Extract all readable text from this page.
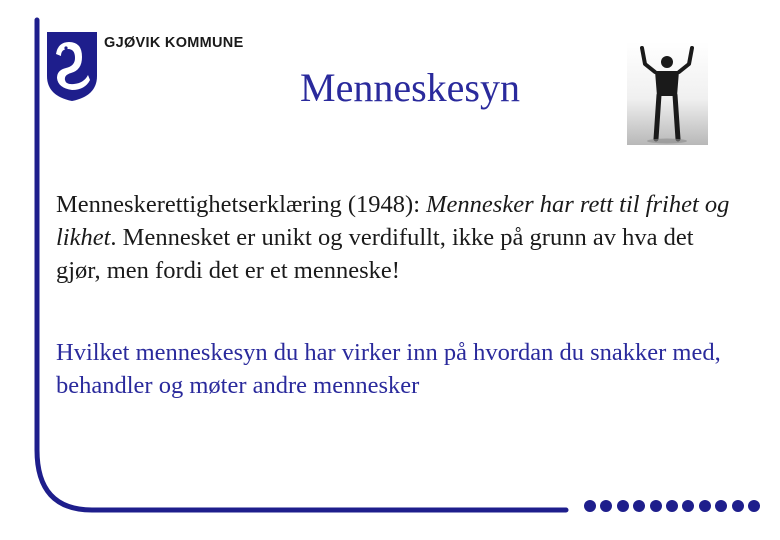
GJØVIK KOMMUNE
Menneskesyn

Menneskerettighetserklæring (1948): Mennesker har rett til frihet og likhet. Mennesket er unikt og verdifullt, ikke på grunn av hva det gjør, men fordi det er et menneske!

Hvilket menneskesyn du har virker inn på hvordan du snakker med, behandler og møter andre mennesker
